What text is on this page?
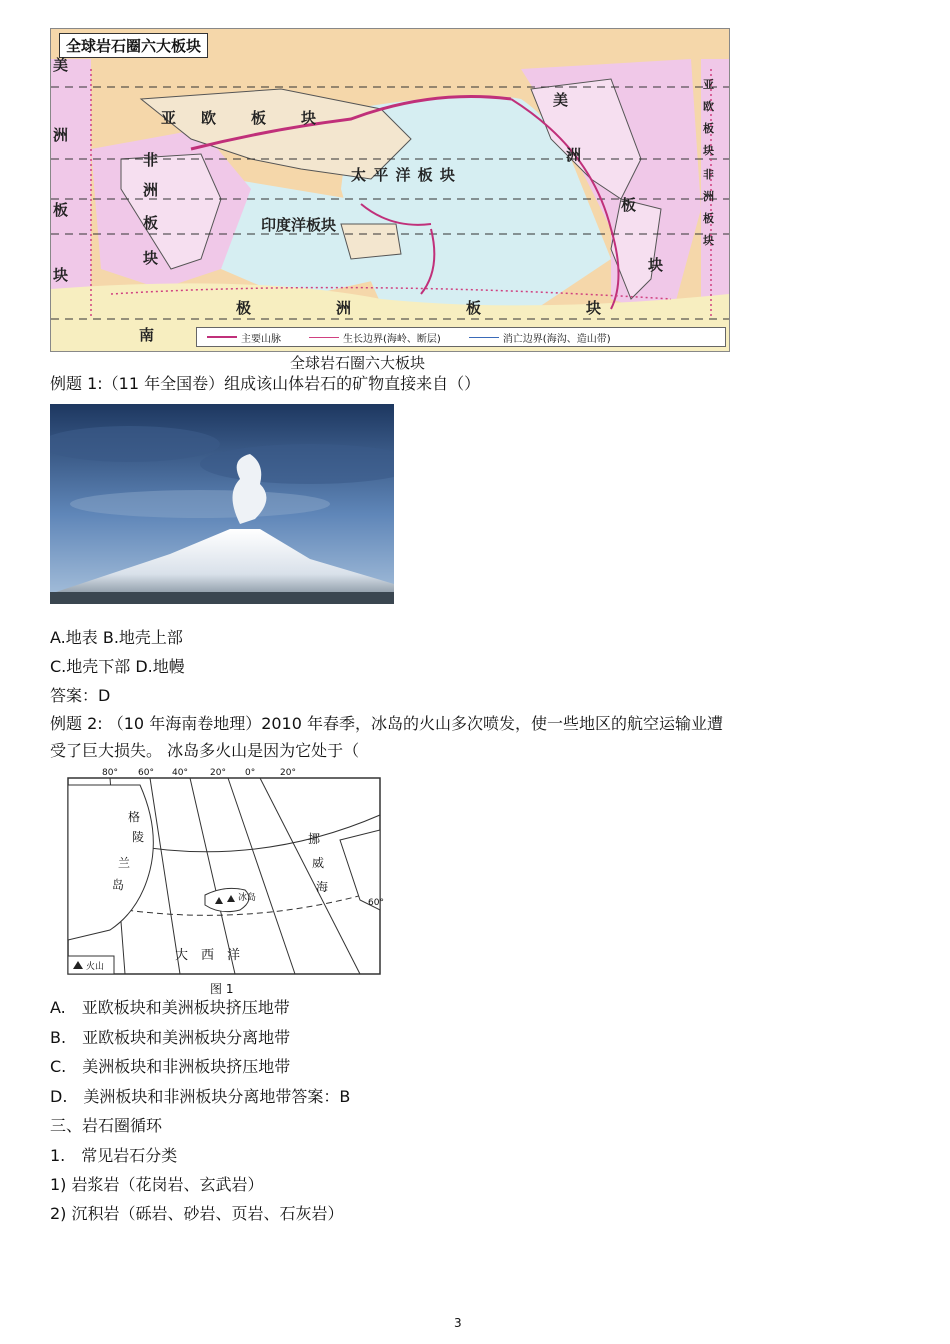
全球岩石圈六大板块
亚 欧 板 块
太 平 洋 板 块
印度洋板块
非
洲
板
块
美
洲
板
块
美
洲
板
块
南
极	洲	板	块
亚欧板块
非洲板块
主要山脉	生长边界(海岭、断层)	消亡边界(海沟、造山带)
全球岩石圈六大板块
例题 1:（11 年全国卷）组成该山体岩石的矿物直接来自（）
A.地表 B.地壳上部
C.地壳下部 D.地幔
答案：D
例题 2: （10 年海南卷地理）2010 年春季，冰岛的火山多次喷发，使一些地区的航空运输业遭
受了巨大损失。 冰岛多火山是因为它处于（
80° 60° 40° 20° 0°	20°
60°
格
陵
兰
岛
挪
威
海
冰岛
大　西　洋
火山
图 1
A.　亚欧板块和美洲板块挤压地带
B.　亚欧板块和美洲板块分离地带
C.　美洲板块和非洲板块挤压地带
D.　美洲板块和非洲板块分离地带答案：B
三、岩石圈循环
1.　常见岩石分类
1) 岩浆岩（花岗岩、玄武岩）
2) 沉积岩（砾岩、砂岩、页岩、石灰岩）
3
